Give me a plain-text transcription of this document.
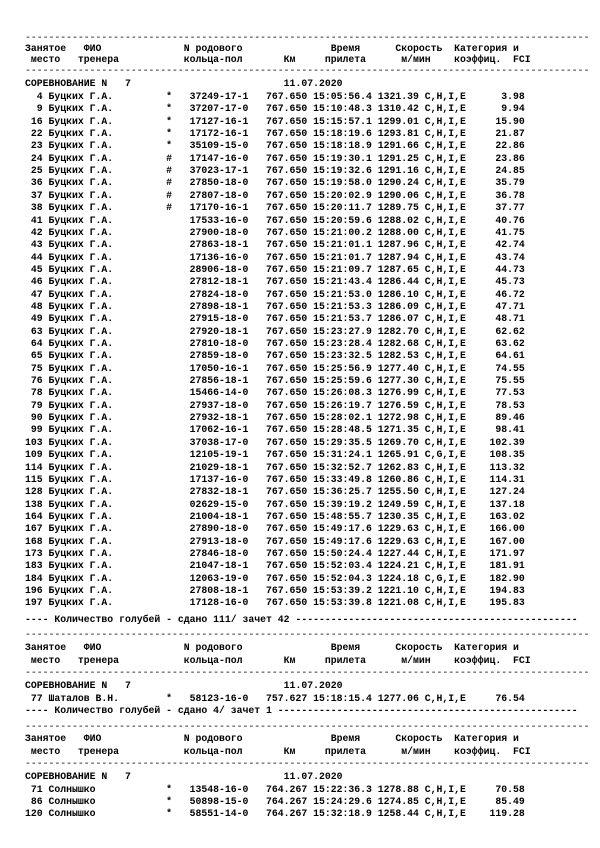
------------------------------------------------------------------------------------------------
Занятое   ФИО              N родового               Время      Скорость  Категория и
место   тренера           кольца-пол       Км     прилета      м/мин    коэффиц.  FCI
------------------------------------------------------------------------------------------------
СОРЕВНОВАНИЕ N   7                          11.07.2020
4 Буцких Г.А.         *   37249-17-1   767.650 15:05:56.4 1321.39 C,H,I,E      3.98
9 Буцких Г.А.         *   37207-17-0   767.650 15:10:48.3 1310.42 C,H,I,E      9.94
16 Буцких Г.А.         *   17127-16-1   767.650 15:15:57.1 1299.01 C,H,I,E     15.90
22 Буцких Г.А.         *   17172-16-1   767.650 15:18:19.6 1293.81 C,H,I,E     21.87
23 Буцких Г.А.         *   35109-15-0   767.650 15:18:18.9 1291.66 C,H,I,E     22.86
24 Буцких Г.А.         #   17147-16-0   767.650 15:19:30.1 1291.25 C,H,I,E     23.86
25 Буцких Г.А.         #   37023-17-1   767.650 15:19:32.6 1291.16 C,H,I,E     24.85
36 Буцких Г.А.         #   27850-18-0   767.650 15:19:58.0 1290.24 C,H,I,E     35.79
37 Буцких Г.А.         #   27807-18-0   767.650 15:20:02.9 1290.06 C,H,I,E     36.78
38 Буцких Г.А.         #   17170-16-1   767.650 15:20:11.7 1289.75 C,H,I,E     37.77
41 Буцких Г.А.             17533-16-0   767.650 15:20:59.6 1288.02 C,H,I,E     40.76
42 Буцких Г.А.             27900-18-0   767.650 15:21:00.2 1288.00 C,H,I,E     41.75
43 Буцких Г.А.             27863-18-1   767.650 15:21:01.1 1287.96 C,H,I,E     42.74
44 Буцких Г.А.             17136-16-0   767.650 15:21:01.7 1287.94 C,H,I,E     43.74
45 Буцких Г.А.             28906-18-0   767.650 15:21:09.7 1287.65 C,H,I,E     44.73
46 Буцких Г.А.             27812-18-1   767.650 15:21:43.4 1286.44 C,H,I,E     45.73
47 Буцких Г.А.             27824-18-0   767.650 15:21:53.0 1286.10 C,H,I,E     46.72
48 Буцких Г.А.             27898-18-1   767.650 15:21:53.3 1286.09 C,H,I,E     47.71
49 Буцких Г.А.             27915-18-0   767.650 15:21:53.7 1286.07 C,H,I,E     48.71
63 Буцких Г.А.             27920-18-1   767.650 15:23:27.9 1282.70 C,H,I,E     62.62
64 Буцких Г.А.             27810-18-0   767.650 15:23:28.4 1282.68 C,H,I,E     63.62
65 Буцких Г.А.             27859-18-0   767.650 15:23:32.5 1282.53 C,H,I,E     64.61
75 Буцких Г.А.             17050-16-1   767.650 15:25:56.9 1277.40 C,H,I,E     74.55
76 Буцких Г.А.             27856-18-1   767.650 15:25:59.6 1277.30 C,H,I,E     75.55
78 Буцких Г.А.             15466-14-0   767.650 15:26:08.3 1276.99 C,H,I,E     77.53
79 Буцких Г.А.             27937-18-0   767.650 15:26:19.7 1276.59 C,H,I,E     78.53
90 Буцких Г.А.             27932-18-1   767.650 15:28:02.1 1272.98 C,H,I,E     89.46
99 Буцких Г.А.             17062-16-1   767.650 15:28:48.5 1271.35 C,H,I,E     98.41
103 Буцких Г.А.             37038-17-0   767.650 15:29:35.5 1269.70 C,H,I,E    102.39
109 Буцких Г.А.             12105-19-1   767.650 15:31:24.1 1265.91 C,G,I,E    108.35
114 Буцких Г.А.             21029-18-1   767.650 15:32:52.7 1262.83 C,H,I,E    113.32
115 Буцких Г.А.             17137-16-0   767.650 15:33:49.8 1260.86 C,H,I,E    114.31
128 Буцких Г.А.             27832-18-1   767.650 15:36:25.7 1255.50 C,H,I,E    127.24
138 Буцких Г.А.             02629-15-0   767.650 15:39:19.2 1249.59 C,H,I,E    137.18
164 Буцких Г.А.             21004-18-1   767.650 15:48:55.7 1230.35 C,H,I,E    163.02
167 Буцких Г.А.             27890-18-0   767.650 15:49:17.6 1229.63 C,H,I,E    166.00
168 Буцких Г.А.             27913-18-0   767.650 15:49:17.6 1229.63 C,H,I,E    167.00
173 Буцких Г.А.             27846-18-0   767.650 15:50:24.4 1227.44 C,H,I,E    171.97
183 Буцких Г.А.             21047-18-1   767.650 15:52:03.4 1224.21 C,H,I,E    181.91
184 Буцких Г.А.             12063-19-0   767.650 15:52:04.3 1224.18 C,G,I,E    182.90
196 Буцких Г.А.             27808-18-1   767.650 15:53:39.2 1221.10 C,H,I,E    194.83
197 Буцких Г.А.             17128-16-0   767.650 15:53:39.8 1221.08 C,H,I,E    195.83
---- Количество голубей - сдано 111/ зачет 42 ------------------------------------------------
------------------------------------------------------------------------------------------------
Занятое   ФИО              N родового               Время      Скорость  Категория и
место   тренера           кольца-пол       Км     прилета      м/мин    коэффиц.  FCI
------------------------------------------------------------------------------------------------
СОРЕВНОВАНИЕ N   7                          11.07.2020
77 Шаталов В.Н.        *   58123-16-0   757.627 15:18:15.4 1277.06 C,H,I,E     76.54
---- Количество голубей - сдано 4/ зачет 1 ---------------------------------------------------
------------------------------------------------------------------------------------------------
Занятое   ФИО              N родового               Время      Скорость  Категория и
место   тренера           кольца-пол       Км     прилета      м/мин    коэффиц.  FCI
------------------------------------------------------------------------------------------------
СОРЕВНОВАНИЕ N   7                          11.07.2020
71 Солнышко            *   13548-16-0   764.267 15:22:36.3 1278.88 C,H,I,E     70.58
86 Солнышко            *   50898-15-0   764.267 15:24:29.6 1274.85 C,H,I,E     85.49
120 Солнышко            *   58551-14-0   764.267 15:32:18.9 1258.44 C,H,I,E    119.28
